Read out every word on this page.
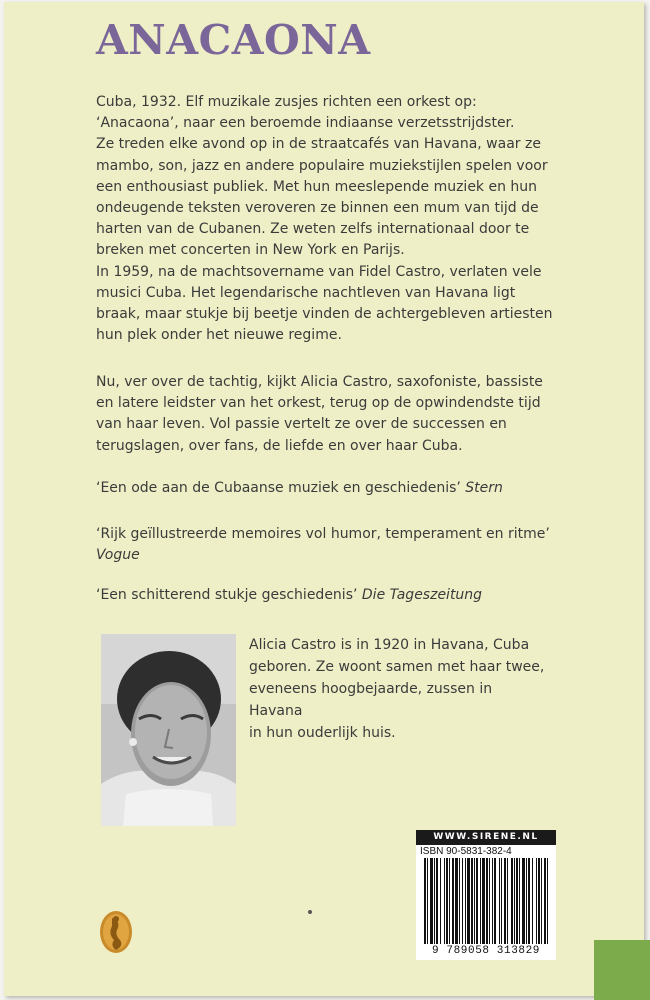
ANACAONA

Cuba, 1932. Elf muzikale zusjes richten een orkest op:
‘Anacaona’, naar een beroemde indiaanse verzetsstrijdster.
Ze treden elke avond op in de straatcafés van Havana, waar ze
mambo, son, jazz en andere populaire muziekstijlen spelen voor
een enthousiast publiek. Met hun meeslepende muziek en hun
ondeugende teksten veroveren ze binnen een mum van tijd de
harten van de Cubanen. Ze weten zelfs internationaal door te
breken met concerten in New York en Parijs.
In 1959, na de machtsovername van Fidel Castro, verlaten vele
musici Cuba. Het legendarische nachtleven van Havana ligt
braak, maar stukje bij beetje vinden de achtergebleven artiesten
hun plek onder het nieuwe regime.

Nu, ver over de tachtig, kijkt Alicia Castro, saxofoniste, bassiste
en latere leidster van het orkest, terug op de opwindendste tijd
van haar leven. Vol passie vertelt ze over de successen en
terugslagen, over fans, de liefde en over haar Cuba.

‘Een ode aan de Cubaanse muziek en geschiedenis’ Stern

‘Rijk geïllustreerde memoires vol humor, temperament en ritme’
Vogue

‘Een schitterend stukje geschiedenis’ Die Tageszeitung

Alicia Castro is in 1920 in Havana, Cuba
geboren. Ze woont samen met haar twee,
eveneens hoogbejaarde, zussen in Havana
in hun ouderlijk huis.

WWW.SIRENE.NL
ISBN 90-5831-382-4
9 789058 313829
